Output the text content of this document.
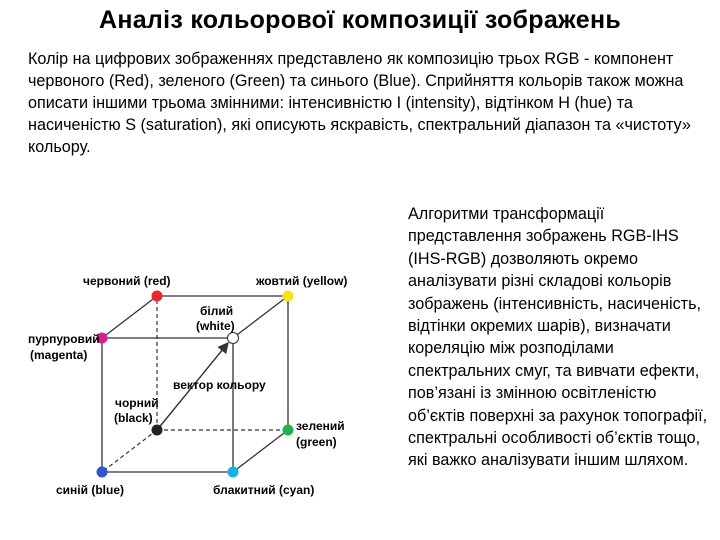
Аналіз кольорової композиції зображень

Колір на цифрових зображеннях представлено як композицію трьох RGB - компонент червоного (Red), зеленого (Green) та синього (Blue). Сприйняття кольорів також можна описати іншими трьома змінними: інтенсивністю I (intensity), відтінком H (hue) та насиченістю S (saturation), які описують яскравість, спектральний діапазон та «чистоту» кольору.

червоний (red)	жовтий (yellow)
білий
(white)
пурпуровий
(magenta)
вектор кольору
чорний
(black)
зелений
(green)
синій (blue)	блакитний (cyan)

Алгоритми трансформації представлення зображень RGB-IHS (IHS-RGB) дозволяють окремо аналізувати різні складові кольорів зображень (інтенсивність, насиченість, відтінки окремих шарів), визначати кореляцію між розподілами спектральних смуг, та вивчати ефекти, пов’язані із змінною освітленістю об’єктів поверхні за рахунок топографії, спектральні особливості об’єктів тощо, які важко аналізувати іншим шляхом.
